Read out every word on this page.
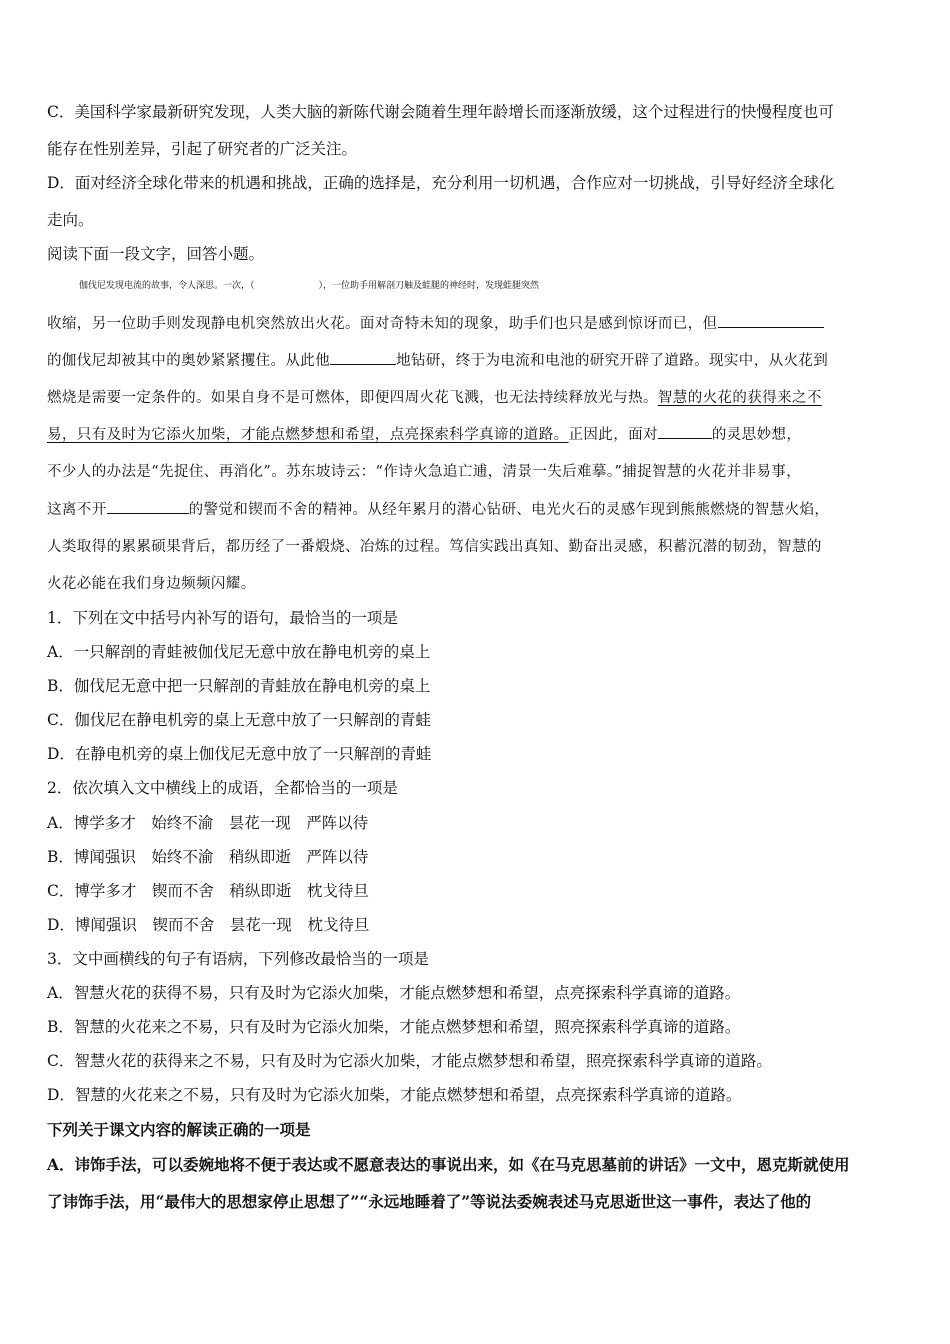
C．美国科学家最新研究发现，人类大脑的新陈代谢会随着生理年龄增长而逐渐放缓，这个过程进行的快慢程度也可
能存在性别差异，引起了研究者的广泛关注。
D．面对经济全球化带来的机遇和挑战，正确的选择是，充分利用一切机遇，合作应对一切挑战，引导好经济全球化
走向。
阅读下面一段文字，回答小题。
伽伐尼发现电流的故事，令人深思。一次，（	），一位助手用解剖刀触及蛙腿的神经时，发现蛙腿突然
收缩，另一位助手则发现静电机突然放出火花。面对奇特未知的现象，助手们也只是感到惊讶而已，但
的伽伐尼却被其中的奥妙紧紧攫住。从此他	地钻研，终于为电流和电池的研究开辟了道路。现实中，从火花到
燃烧是需要一定条件的。如果自身不是可燃体，即便四周火花飞溅，也无法持续释放光与热。智慧的火花的获得来之不
易，只有及时为它添火加柴，才能点燃梦想和希望，点亮探索科学真谛的道路。正因此，面对	的灵思妙想，
不少人的办法是“先捉住、再消化”。苏东坡诗云：“作诗火急追亡逋，清景一失后难摹。”捕捉智慧的火花并非易事，
这离不开	的警觉和锲而不舍的精神。从经年累月的潜心钻研、电光火石的灵感乍现到熊熊燃烧的智慧火焰，
人类取得的累累硕果背后，都历经了一番煅烧、冶炼的过程。笃信实践出真知、勤奋出灵感，积蓄沉潜的韧劲，智慧的
火花必能在我们身边频频闪耀。
1．下列在文中括号内补写的语句，最恰当的一项是
A．一只解剖的青蛙被伽伐尼无意中放在静电机旁的桌上
B．伽伐尼无意中把一只解剖的青蛙放在静电机旁的桌上
C．伽伐尼在静电机旁的桌上无意中放了一只解剖的青蛙
D．在静电机旁的桌上伽伐尼无意中放了一只解剖的青蛙
2．依次填入文中横线上的成语，全都恰当的一项是
A．博学多才　始终不渝　昙花一现　严阵以待
B．博闻强识　始终不渝　稍纵即逝　严阵以待
C．博学多才　锲而不舍　稍纵即逝　枕戈待旦
D．博闻强识　锲而不舍　昙花一现　枕戈待旦
3．文中画横线的句子有语病，下列修改最恰当的一项是
A．智慧火花的获得不易，只有及时为它添火加柴，才能点燃梦想和希望，点亮探索科学真谛的道路。
B．智慧的火花来之不易，只有及时为它添火加柴，才能点燃梦想和希望，照亮探索科学真谛的道路。
C．智慧火花的获得来之不易，只有及时为它添火加柴，才能点燃梦想和希望，照亮探索科学真谛的道路。
D．智慧的火花来之不易，只有及时为它添火加柴，才能点燃梦想和希望，点亮探索科学真谛的道路。
下列关于课文内容的解读正确的一项是
A．讳饰手法，可以委婉地将不便于表达或不愿意表达的事说出来，如《在马克思墓前的讲话》一文中，恩克斯就使用
了讳饰手法，用“最伟大的思想家停止思想了”“永远地睡着了”等说法委婉表述马克思逝世这一事件，表达了他的
